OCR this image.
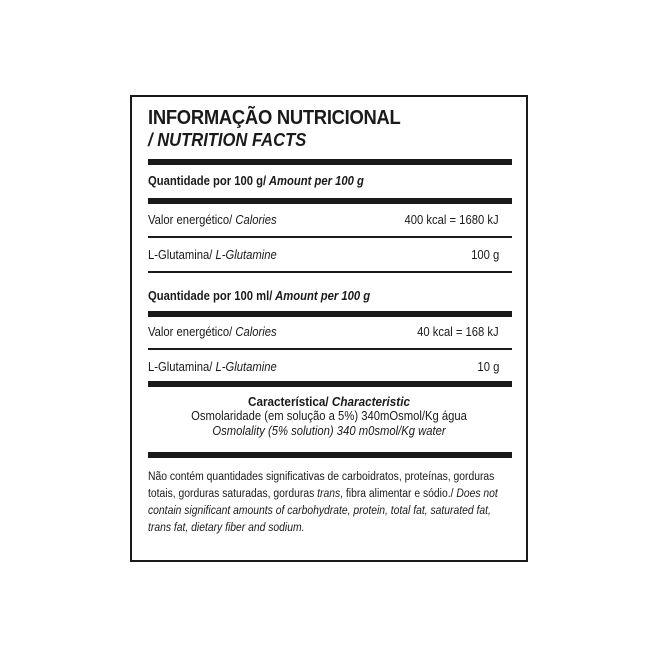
INFORMAÇÃO NUTRICIONAL
/ NUTRITION FACTS
Quantidade por 100 g/ Amount per 100 g
Valor energético/ Calories	400 kcal = 1680 kJ
L-Glutamina/ L-Glutamine	100 g
Quantidade por 100 ml/ Amount per 100 g
Valor energético/ Calories	40 kcal = 168 kJ
L-Glutamina/ L-Glutamine	10 g
Característica/ Characteristic
Osmolaridade (em solução a 5%) 340mOsmol/Kg água
Osmolality (5% solution) 340 m0smol/Kg water
Não contém quantidades significativas de carboidratos, proteínas, gorduras totais, gorduras saturadas, gorduras trans, fibra alimentar e sódio./ Does not contain significant amounts of carbohydrate, protein, total fat, saturated fat, trans fat, dietary fiber and sodium.
